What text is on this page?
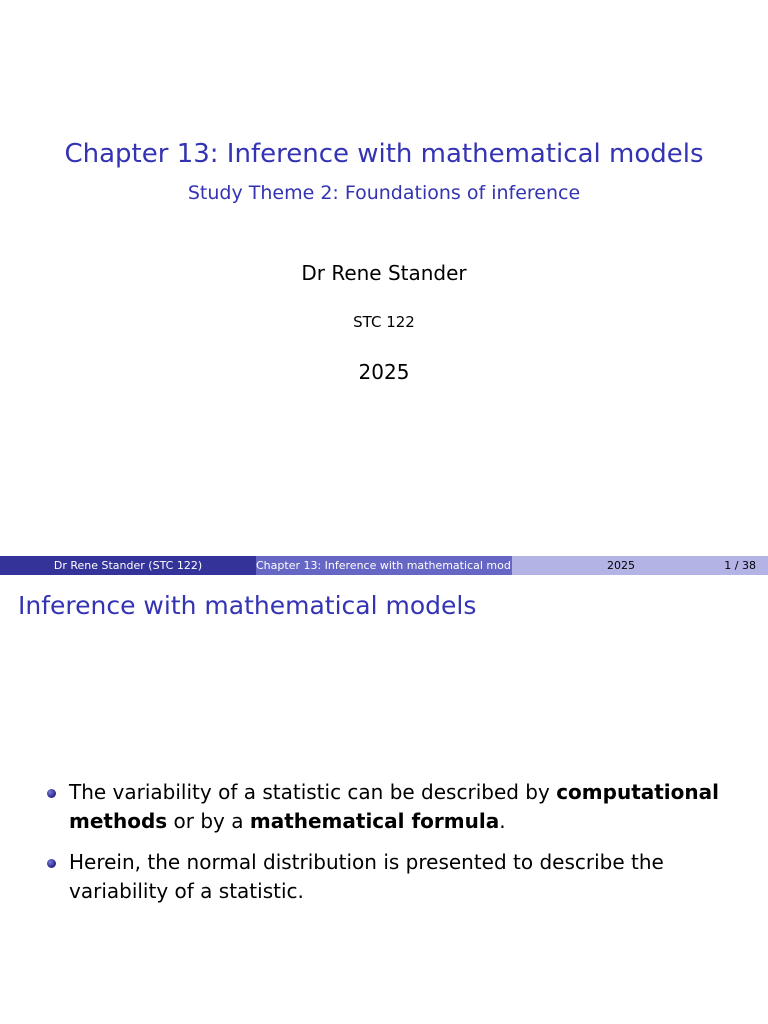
Chapter 13: Inference with mathematical models
Study Theme 2: Foundations of inference
Dr Rene Stander
STC 122
2025
Dr Rene Stander (STC 122)	Chapter 13: Inference with mathematical mod	2025	1 / 38
Inference with mathematical models
The variability of a statistic can be described by computational methods or by a mathematical formula.
Herein, the normal distribution is presented to describe the variability of a statistic.
